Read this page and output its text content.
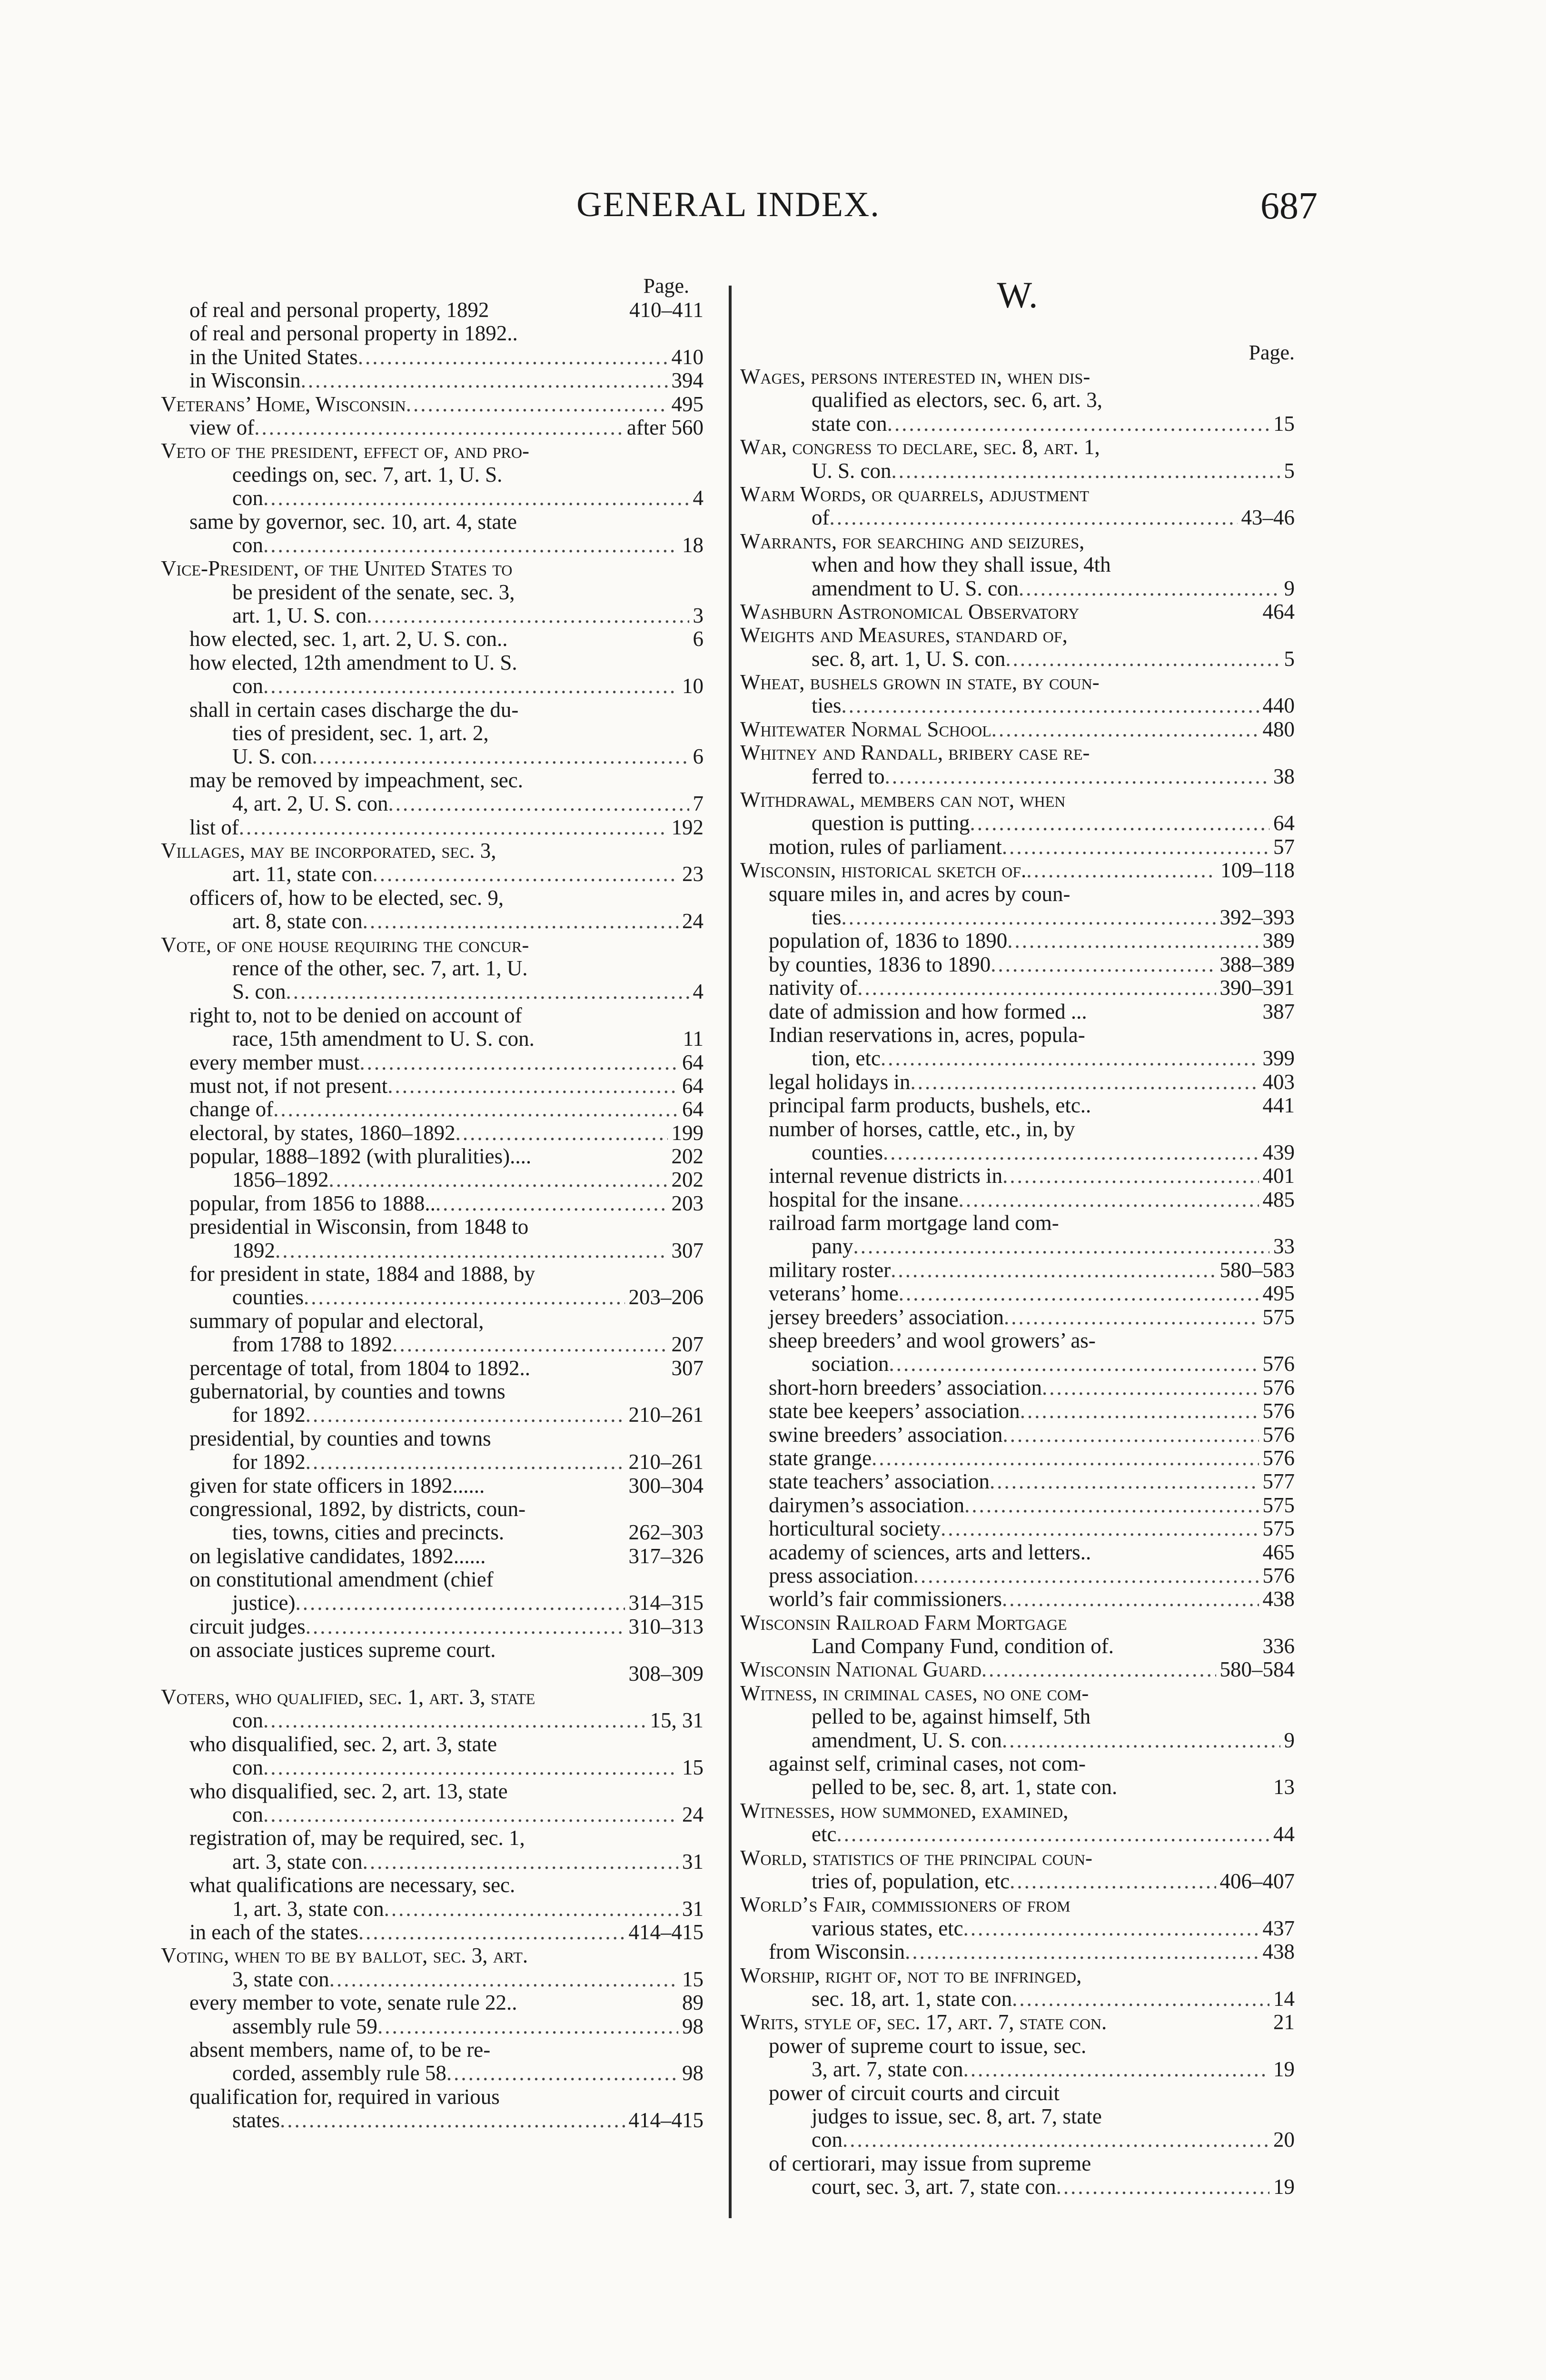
GENERAL INDEX.	687
Page.
of real and personal property, 1892	410–411
of real and personal property in 1892..
in the United States .....	410
in Wisconsin .....	394
Veterans’ Home, Wisconsin .....	495
view of .....	after 560
Veto of the president, effect of, and pro-
ceedings on, sec. 7, art. 1, U. S.
con .....	4
same by governor, sec. 10, art. 4, state
con .....	18
Vice-President, of the United States to
be president of the senate, sec. 3,
art. 1, U. S. con .....	3
how elected, sec. 1, art. 2, U. S. con..	6
how elected, 12th amendment to U. S.
con .....	10
shall in certain cases discharge the du-
ties of president, sec. 1, art. 2,
U. S. con .....	6
may be removed by impeachment, sec.
4, art. 2, U. S. con .....	7
list of .....	192
Villages, may be incorporated, sec. 3,
art. 11, state con .....	23
officers of, how to be elected, sec. 9,
art. 8, state con .....	24
Vote, of one house requiring the concur-
rence of the other, sec. 7, art. 1, U.
S. con .....	4
right to, not to be denied on account of
race, 15th amendment to U. S. con.	11
every member must .....	64
must not, if not present .....	64
change of .....	64
electoral, by states, 1860–1892 .....	199
popular, 1888–1892 (with pluralities)....	202
1856–1892 .....	202
popular, from 1856 to 1888.. .....	203
presidential in Wisconsin, from 1848 to
1892 .....	307
for president in state, 1884 and 1888, by
counties .....	203–206
summary of popular and electoral,
from 1788 to 1892 .....	207
percentage of total, from 1804 to 1892..	307
gubernatorial, by counties and towns
for 1892 .....	210–261
presidential, by counties and towns
for 1892 .....	210–261
given for state officers in 1892......	300–304
congressional, 1892, by districts, coun-
ties, towns, cities and precincts.	262–303
on legislative candidates, 1892......	317–326
on constitutional amendment (chief
justice) .....	314–315
circuit judges .....	310–313
on associate justices supreme court.
308–309
Voters, who qualified, sec. 1, art. 3, state
con .....	15, 31
who disqualified, sec. 2, art. 3, state
con .....	15
who disqualified, sec. 2, art. 13, state
con .....	24
registration of, may be required, sec. 1,
art. 3, state con .....	31
what qualifications are necessary, sec.
1, art. 3, state con .....	31
in each of the states .....	414–415
Voting, when to be by ballot, sec. 3, art.
3, state con .....	15
every member to vote, senate rule 22..	89
assembly rule 59 .....	98
absent members, name of, to be re-
corded, assembly rule 58 .....	98
qualification for, required in various
states .....	414–415
W.
Page.
Wages, persons interested in, when dis-
qualified as electors, sec. 6, art. 3,
state con .....	15
War, congress to declare, sec. 8, art. 1,
U. S. con .....	5
Warm Words, or quarrels, adjustment
of .....	43–46
Warrants, for searching and seizures,
when and how they shall issue, 4th
amendment to U. S. con .....	9
Washburn Astronomical Observatory	464
Weights and Measures, standard of,
sec. 8, art. 1, U. S. con .....	5
Wheat, bushels grown in state, by coun-
ties .....	440
Whitewater Normal School .....	480
Whitney and Randall, bribery case re-
ferred to .....	38
Withdrawal, members can not, when
question is putting .....	64
motion, rules of parliament .....	57
Wisconsin, historical sketch of. .....	109–118
square miles in, and acres by coun-
ties .....	392–393
population of, 1836 to 1890 .....	389
by counties, 1836 to 1890 .....	388–389
nativity of .....	390–391
date of admission and how formed ...	387
Indian reservations in, acres, popula-
tion, etc .....	399
legal holidays in .....	403
principal farm products, bushels, etc..	441
number of horses, cattle, etc., in, by
counties .....	439
internal revenue districts in .....	401
hospital for the insane .....	485
railroad farm mortgage land com-
pany .....	33
military roster .....	580–583
veterans’ home .....	495
jersey breeders’ association .....	575
sheep breeders’ and wool growers’ as-
sociation .....	576
short-horn breeders’ association .....	576
state bee keepers’ association .....	576
swine breeders’ association .....	576
state grange .....	576
state teachers’ association .....	577
dairymen’s association .....	575
horticultural society .....	575
academy of sciences, arts and letters..	465
press association .....	576
world’s fair commissioners .....	438
Wisconsin Railroad Farm Mortgage
Land Company Fund, condition of.	336
Wisconsin National Guard .....	580–584
Witness, in criminal cases, no one com-
pelled to be, against himself, 5th
amendment, U. S. con .....	9
against self, criminal cases, not com-
pelled to be, sec. 8, art. 1, state con.	13
Witnesses, how summoned, examined,
etc .....	44
World, statistics of the principal coun-
tries of, population, etc .....	406–407
World’s Fair, commissioners of from
various states, etc .....	437
from Wisconsin .....	438
Worship, right of, not to be infringed,
sec. 18, art. 1, state con .....	14
Writs, style of, sec. 17, art. 7, state con.	21
power of supreme court to issue, sec.
3, art. 7, state con .....	19
power of circuit courts and circuit
judges to issue, sec. 8, art. 7, state
con .....	20
of certiorari, may issue from supreme
court, sec. 3, art. 7, state con .....	19
